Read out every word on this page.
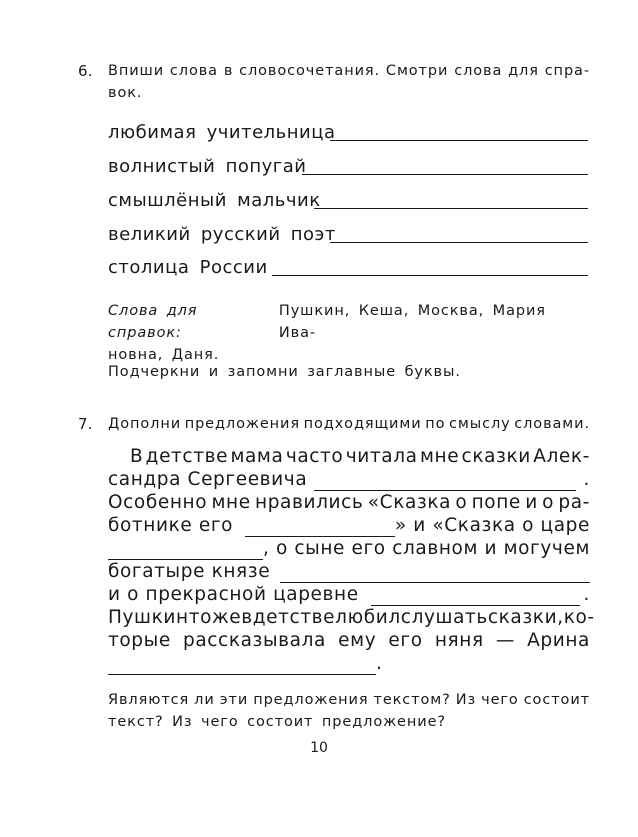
6. Впиши слова в словосочетания. Смотри слова для спра-
вок.
любимая учительница
волнистый попугай
смышлёный мальчик
великий русский поэт
столица России
Слова для справок:
Пушкин, Кеша, Москва, Мария Ива-
новна, Даня.
Подчеркни и запомни заглавные буквы.
7. Дополни предложения подходящими по смыслу словами.
В детстве мама часто читала мне сказки Алек-
сандра Сергеевича	.
Особенно мне нравились «Сказка о попе и о ра-
ботнике его	» и «Сказка о царе
, о сыне его славном и могучем
богатыре князе
и о прекрасной царевне	.
Пушкин тоже в детстве любил слушать сказки, ко-
торые рассказывала ему его няня — Арина
.
Являются ли эти предложения текстом? Из чего состоит
текст? Из чего состоит предложение?
10
